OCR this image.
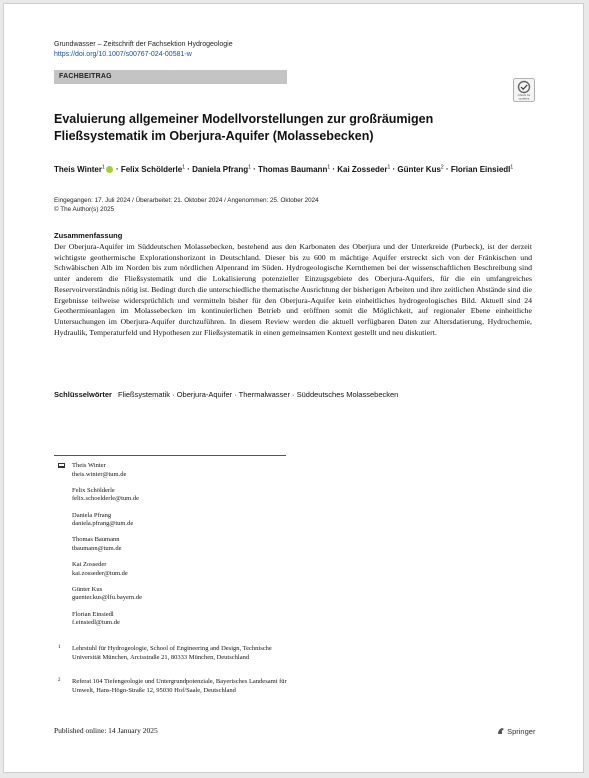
Grundwasser – Zeitschrift der Fachsektion Hydrogeologie
https://doi.org/10.1007/s00767-024-00581-w
FACHBEITRAG
Check for
updates
Evaluierung allgemeiner Modellvorstellungen zur großräumigen Fließsystematik im Oberjura-Aquifer (Molassebecken)
Theis Winter$^1$ · Felix Schölderle$^1$ · Daniela Pfrang$^1$ · Thomas Baumann$^1$ · Kai Zosseder$^1$ · Günter Kus$^2$ · Florian Einsiedl$^1$
Eingegangen: 17. Juli 2024 / Überarbeitet: 21. Oktober 2024 / Angenommen: 25. Oktober 2024
© The Author(s) 2025
Zusammenfassung
Der Oberjura-Aquifer im Süddeutschen Molassebecken, bestehend aus den Karbonaten des Oberjura und der Unterkreide (Purbeck), ist der derzeit wichtigste geothermische Explorationshorizont in Deutschland. Dieser bis zu 600 m mächtige Aquifer erstreckt sich von der Fränkischen und Schwäbischen Alb im Norden bis zum nördlichen Alpenrand im Süden. Hydrogeologische Kernthemen bei der wissenschaftlichen Beschreibung sind unter anderem die Fließsystematik und die Lokalisierung potenzieller Einzugsgebiete des Oberjura-Aquifers, für die ein umfangreiches Reservoirverständnis nötig ist. Bedingt durch die unterschiedliche thematische Ausrichtung der bisherigen Arbeiten und ihre zeitlichen Abstände sind die Ergebnisse teilweise widersprüchlich und vermitteln bisher für den Oberjura-Aquifer kein einheitliches hydrogeologisches Bild. Aktuell sind 24 Geothermieanlagen im Molassebecken im kontinuierlichen Betrieb und eröffnen somit die Möglichkeit, auf regionaler Ebene einheitliche Untersuchungen im Oberjura-Aquifer durchzuführen. In diesem Review werden die aktuell verfügbaren Daten zur Altersdatierung, Hydrochemie, Hydraulik, Temperaturfeld und Hypothesen zur Fließsystematik in einen gemeinsamen Kontext gestellt und neu diskutiert.
Schlüsselwörter Fließsystematik · Oberjura-Aquifer · Thermalwasser · Süddeutsches Molassebecken
Theis Winter
theis.winter@tum.de
Felix Schölderle
felix.schoelderle@tum.de
Daniela Pfrang
daniela.pfrang@tum.de
Thomas Baumann
tbaumann@tum.de
Kai Zosseder
kai.zosseder@tum.de
Günter Kus
guenter.kus@lfu.bayern.de
Florian Einsiedl
f.einsiedl@tum.de
1 Lehrstuhl für Hydrogeologie, School of Engineering and Design, Technische Universität München, Arcisstraße 21, 80333 München, Deutschland
2 Referat 104 Tiefengeologie und Untergrundpotenziale, Bayerisches Landesamt für Umwelt, Hans-Högn-Straße 12, 95030 Hof/Saale, Deutschland
Published online: 14 January 2025	Springer
